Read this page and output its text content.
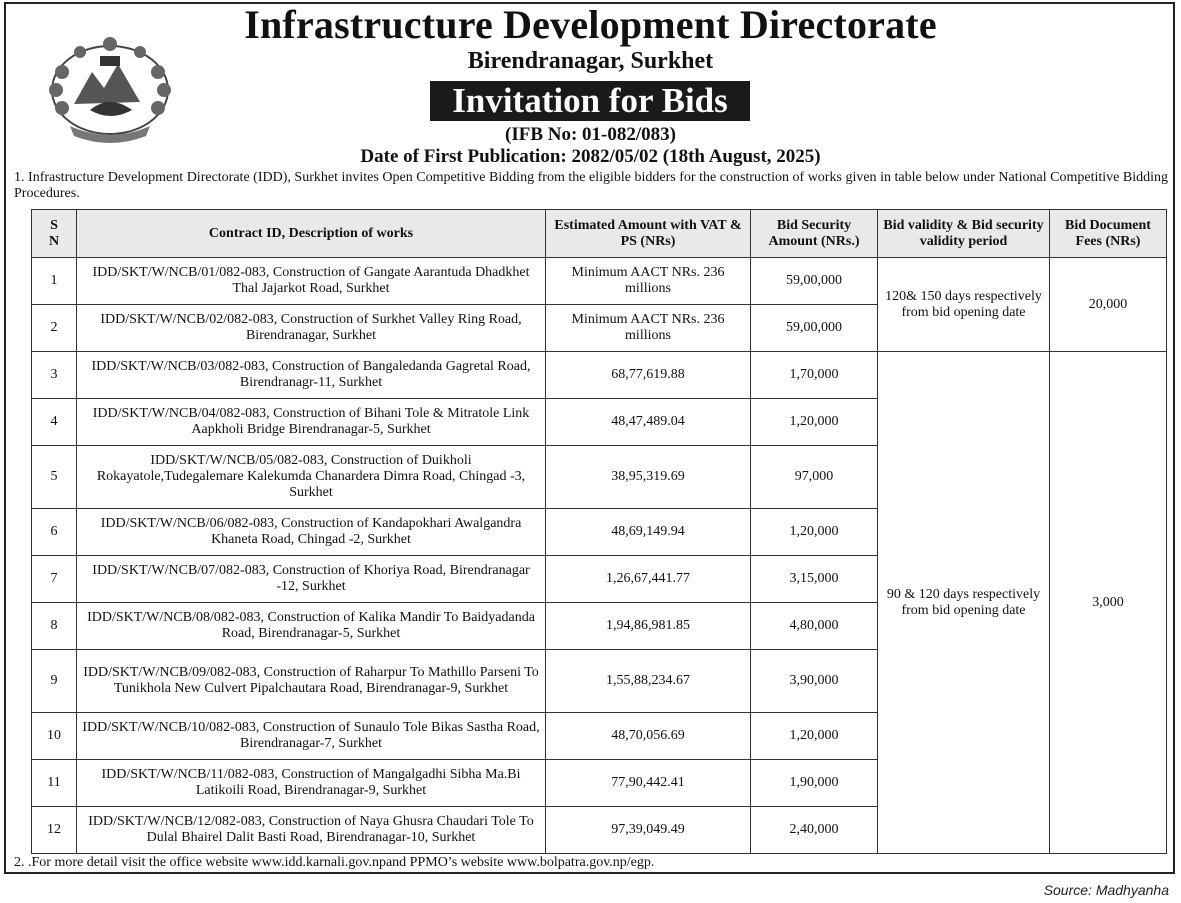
Infrastructure Development Directorate
Birendranagar, Surkhet
Invitation for Bids
(IFB No: 01-082/083)
Date of First Publication: 2082/05/02 (18th August, 2025)
1. Infrastructure Development Directorate (IDD), Surkhet invites Open Competitive Bidding from the eligible bidders for the construction of works given in table below under National Competitive Bidding Procedures.
S
N	Contract ID, Description of works	Estimated Amount with VAT & PS (NRs)	Bid Security Amount (NRs.)	Bid validity & Bid security validity period	Bid Document Fees (NRs)
1	IDD/SKT/W/NCB/01/082-083, Construction of Gangate Aarantuda Dhadkhet Thal Jajarkot Road, Surkhet	Minimum AACT NRs. 236 millions	59,00,000	120& 150 days respectively from bid opening date	20,000
2	IDD/SKT/W/NCB/02/082-083, Construction of Surkhet Valley Ring Road, Birendranagar, Surkhet	Minimum AACT NRs. 236 millions	59,00,000		
3	IDD/SKT/W/NCB/03/082-083, Construction of Bangaledanda Gagretal Road, Birendranagr-11, Surkhet	68,77,619.88	1,70,000	90 & 120 days respectively from bid opening date	3,000
4	IDD/SKT/W/NCB/04/082-083, Construction of Bihani Tole & Mitratole Link Aapkholi Bridge Birendranagar-5, Surkhet	48,47,489.04	1,20,000		
5	IDD/SKT/W/NCB/05/082-083, Construction of Duikholi Rokayatole,Tudegalemare Kalekumda Chanardera Dimra Road, Chingad -3, Surkhet	38,95,319.69	97,000		
6	IDD/SKT/W/NCB/06/082-083, Construction of Kandapokhari Awalgandra Khaneta Road, Chingad -2, Surkhet	48,69,149.94	1,20,000		
7	IDD/SKT/W/NCB/07/082-083, Construction of Khoriya Road, Birendranagar -12, Surkhet	1,26,67,441.77	3,15,000		
8	IDD/SKT/W/NCB/08/082-083, Construction of Kalika Mandir To Baidyadanda Road, Birendranagar-5, Surkhet	1,94,86,981.85	4,80,000		
9	IDD/SKT/W/NCB/09/082-083, Construction of Raharpur To Mathillo Parseni To Tunikhola New Culvert Pipalchautara Road, Birendranagar-9, Surkhet	1,55,88,234.67	3,90,000		
10	IDD/SKT/W/NCB/10/082-083, Construction of Sunaulo Tole Bikas Sastha Road, Birendranagar-7, Surkhet	48,70,056.69	1,20,000		
11	IDD/SKT/W/NCB/11/082-083, Construction of Mangalgadhi Sibha Ma.Bi Latikoili Road, Birendranagar-9, Surkhet	77,90,442.41	1,90,000		
12	IDD/SKT/W/NCB/12/082-083, Construction of Naya Ghusra Chaudari Tole To Dulal Bhairel Dalit Basti Road, Birendranagar-10, Surkhet	97,39,049.49	2,40,000		
2. .For more detail visit the office website www.idd.karnali.gov.npand PPMO’s website www.bolpatra.gov.np/egp.
Source: Madhyanha
